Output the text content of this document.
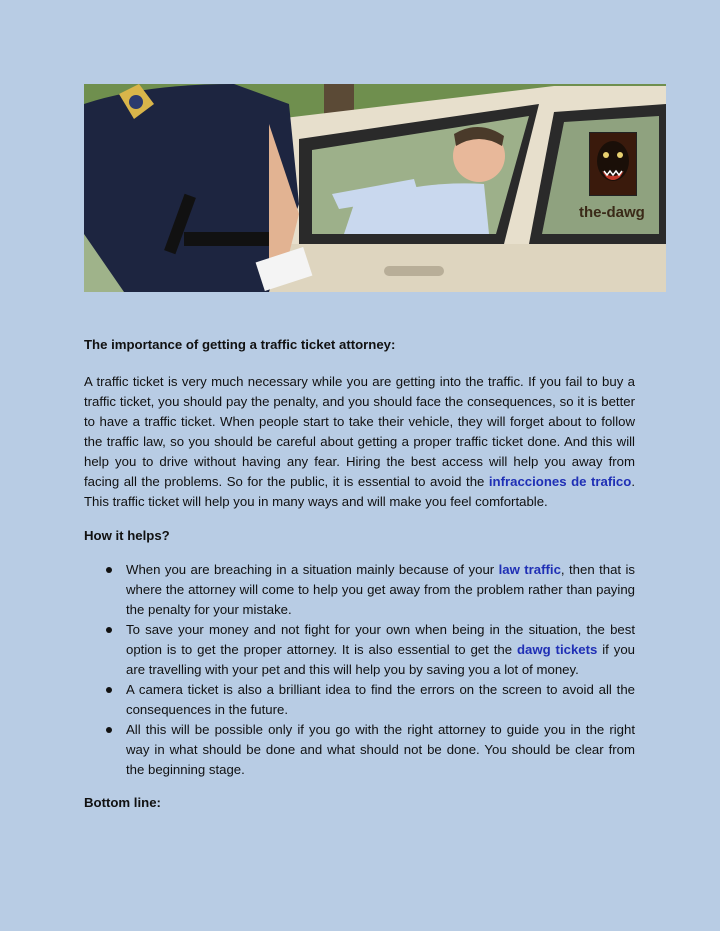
the-dawg

The importance of getting a traffic ticket attorney:

A traffic ticket is very much necessary while you are getting into the traffic. If you fail to buy a traffic ticket, you should pay the penalty, and you should face the consequences, so it is better to have a traffic ticket. When people start to take their vehicle, they will forget about to follow the traffic law, so you should be careful about getting a proper traffic ticket done. And this will help you to drive without having any fear. Hiring the best access will help you away from facing all the problems. So for the public, it is essential to avoid the infracciones de trafico. This traffic ticket will help you in many ways and will make you feel comfortable.

How it helps?

When you are breaching in a situation mainly because of your law traffic, then that is where the attorney will come to help you get away from the problem rather than paying the penalty for your mistake.
To save your money and not fight for your own when being in the situation, the best option is to get the proper attorney. It is also essential to get the dawg tickets if you are travelling with your pet and this will help you by saving you a lot of money.
A camera ticket is also a brilliant idea to find the errors on the screen to avoid all the consequences in the future.
All this will be possible only if you go with the right attorney to guide you in the right way in what should be done and what should not be done. You should be clear from the beginning stage.

Bottom line:
